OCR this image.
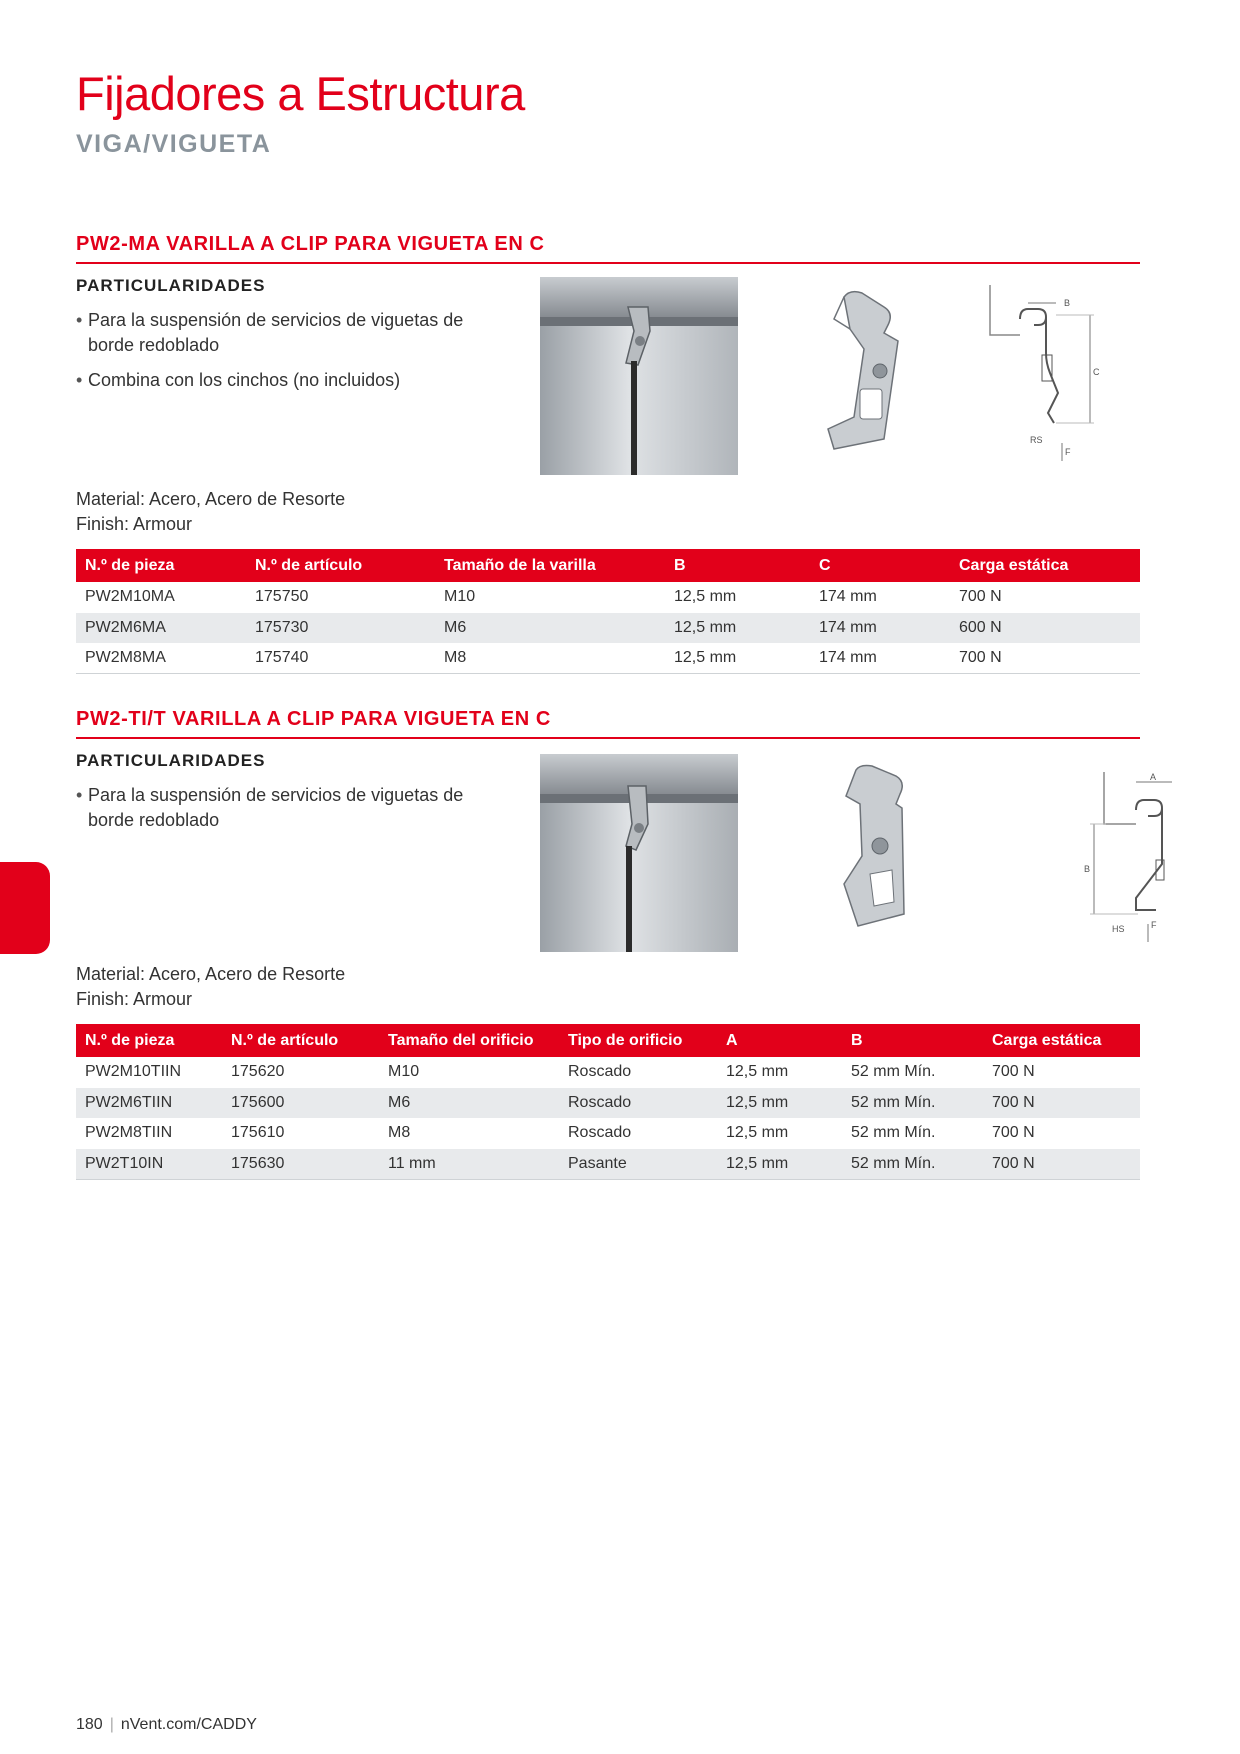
Fijadores a Estructura
VIGA/VIGUETA
PW2-MA VARILLA A CLIP PARA VIGUETA EN C
PARTICULARIDADES
• Para la suspensión de servicios de viguetas de borde redoblado
• Combina con los cinchos (no incluidos)
B
C
RS
F
Material: Acero, Acero de Resorte
Finish: Armour
N.º de pieza	N.º de artículo	Tamaño de la varilla	B	C	Carga estática
PW2M10MA	175750	M10	12,5 mm	174 mm	700 N
PW2M6MA	175730	M6	12,5 mm	174 mm	600 N
PW2M8MA	175740	M8	12,5 mm	174 mm	700 N
PW2-TI/T VARILLA A CLIP PARA VIGUETA EN C
PARTICULARIDADES
• Para la suspensión de servicios de viguetas de borde redoblado
A
B
HS	F
Material: Acero, Acero de Resorte
Finish: Armour
N.º de pieza	N.º de artículo	Tamaño del orificio	Tipo de orificio	A	B	Carga estática
PW2M10TIIN	175620	M10	Roscado	12,5 mm	52 mm Mín.	700 N
PW2M6TIIN	175600	M6	Roscado	12,5 mm	52 mm Mín.	700 N
PW2M8TIIN	175610	M8	Roscado	12,5 mm	52 mm Mín.	700 N
PW2T10IN	175630	11 mm	Pasante	12,5 mm	52 mm Mín.	700 N
180 | nVent.com/CADDY
